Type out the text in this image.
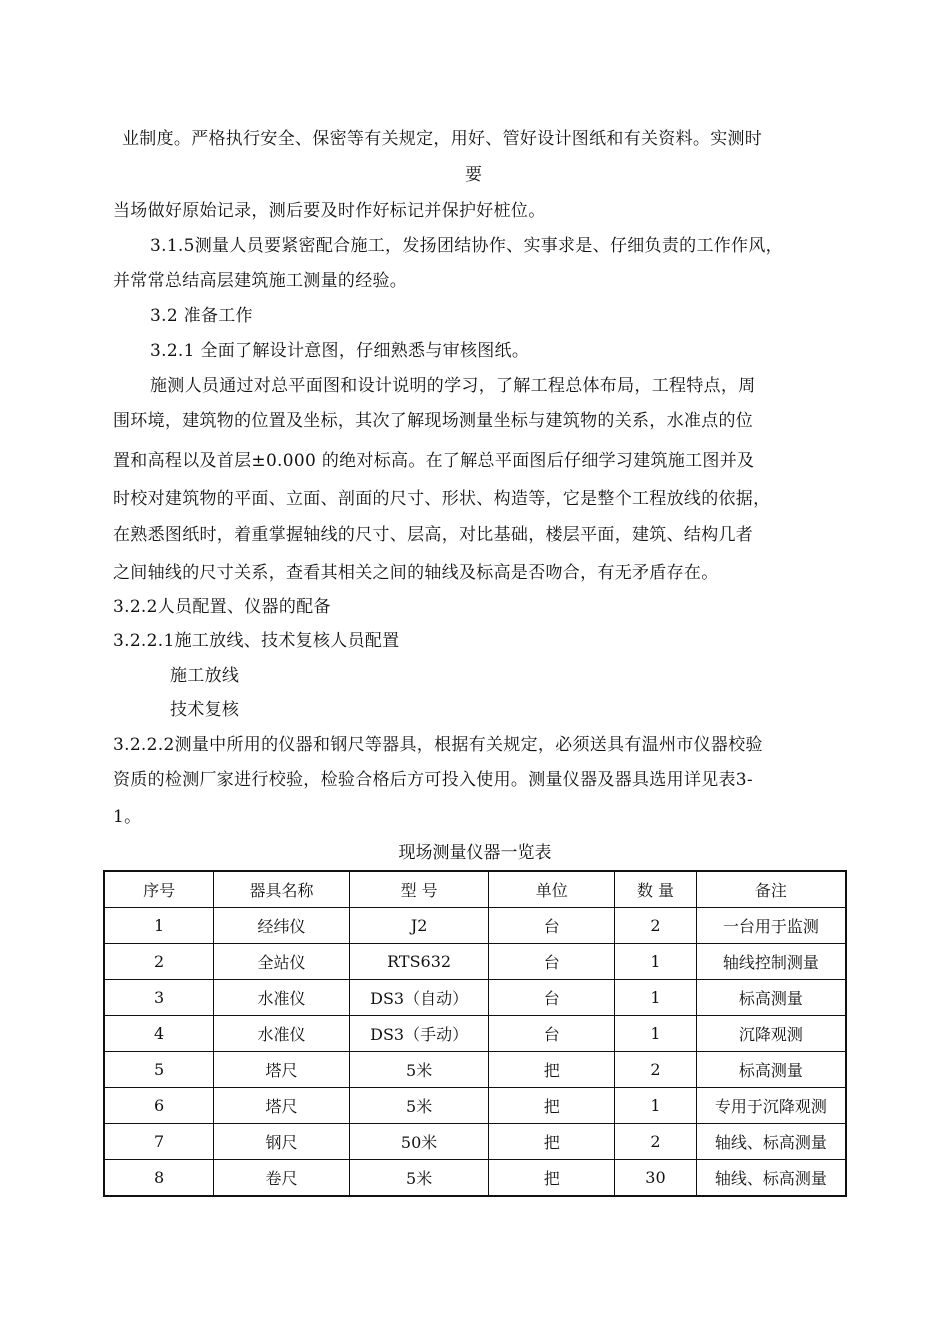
业制度。严格执行安全、保密等有关规定，用好、管好设计图纸和有关资料。实测时
要
当场做好原始记录，测后要及时作好标记并保护好桩位。
3.1.5测量人员要紧密配合施工，发扬团结协作、实事求是、仔细负责的工作作风，
并常常总结高层建筑施工测量的经验。
3.2 准备工作
3.2.1 全面了解设计意图，仔细熟悉与审核图纸。
施测人员通过对总平面图和设计说明的学习，了解工程总体布局，工程特点，周
围环境，建筑物的位置及坐标，其次了解现场测量坐标与建筑物的关系，水准点的位
置和高程以及首层±0.000 的绝对标高。在了解总平面图后仔细学习建筑施工图并及
时校对建筑物的平面、立面、剖面的尺寸、形状、构造等，它是整个工程放线的依据，
在熟悉图纸时，着重掌握轴线的尺寸、层高，对比基础，楼层平面，建筑、结构几者
之间轴线的尺寸关系，查看其相关之间的轴线及标高是否吻合，有无矛盾存在。
3.2.2人员配置、仪器的配备
3.2.2.1施工放线、技术复核人员配置
施工放线
技术复核
3.2.2.2测量中所用的仪器和钢尺等器具，根据有关规定，必须送具有温州市仪器校验
资质的检测厂家进行校验，检验合格后方可投入使用。测量仪器及器具选用详见表3-
1。
现场测量仪器一览表
序号	器具名称	型 号	单位	数 量	备注
1	经纬仪	J2	台	2	一台用于监测
2	全站仪	RTS632	台	1	轴线控制测量
3	水准仪	DS3（自动）	台	1	标高测量
4	水准仪	DS3（手动）	台	1	沉降观测
5	塔尺	5米	把	2	标高测量
6	塔尺	5米	把	1	专用于沉降观测
7	钢尺	50米	把	2	轴线、标高测量
8	卷尺	5米	把	30	轴线、标高测量
